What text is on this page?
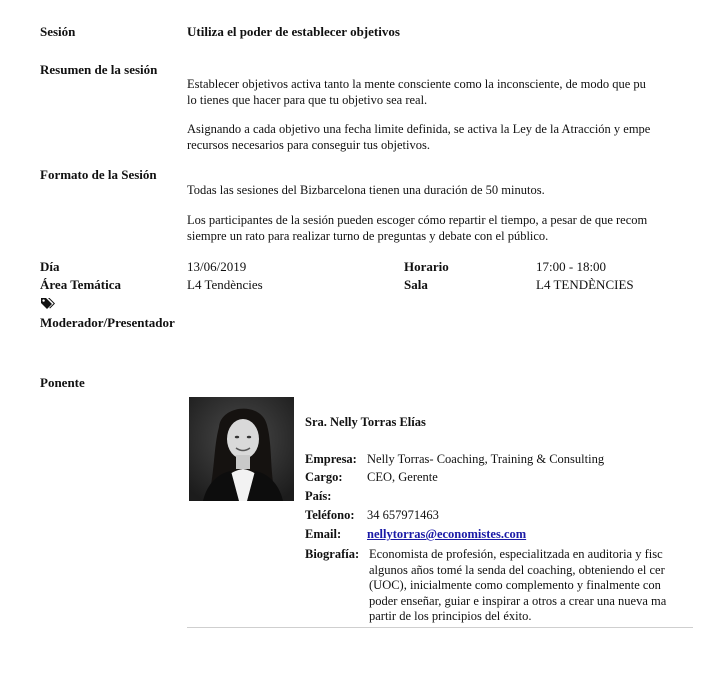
Sesión	Utiliza el poder de establecer objetivos
Resumen de la sesión
Establecer objetivos activa tanto la mente consciente como la inconsciente, de modo que pu
lo tienes que hacer para que tu objetivo sea real.
Asignando a cada objetivo una fecha limite definida, se activa la Ley de la Atracción y empe
recursos necesarios para conseguir tus objetivos.
Formato de la Sesión
Todas las sesiones del Bizbarcelona tienen una duración de 50 minutos.
Los participantes de la sesión pueden escoger cómo repartir el tiempo, a pesar de que recom
siempre un rato para realizar turno de preguntas y debate con el público.
Día	13/06/2019	Horario	17:00 - 18:00
Área Temática	L4 Tendències	Sala	L4 TENDÈNCIES
Moderador/Presentador
Ponente
Sra. Nelly Torras Elías
Empresa: Nelly Torras- Coaching, Training & Consulting
Cargo: CEO, Gerente
País:
Teléfono: 34 657971463
Email: nellytorras@economistes.com
Biografía: Economista de profesión, especialitzada en auditoria y fisc
algunos años tomé la senda del coaching, obteniendo el cer
(UOC), inicialmente como complemento y finalmente con
poder enseñar, guiar e inspirar a otros a crear una nueva ma
partir de los principios del éxito.
